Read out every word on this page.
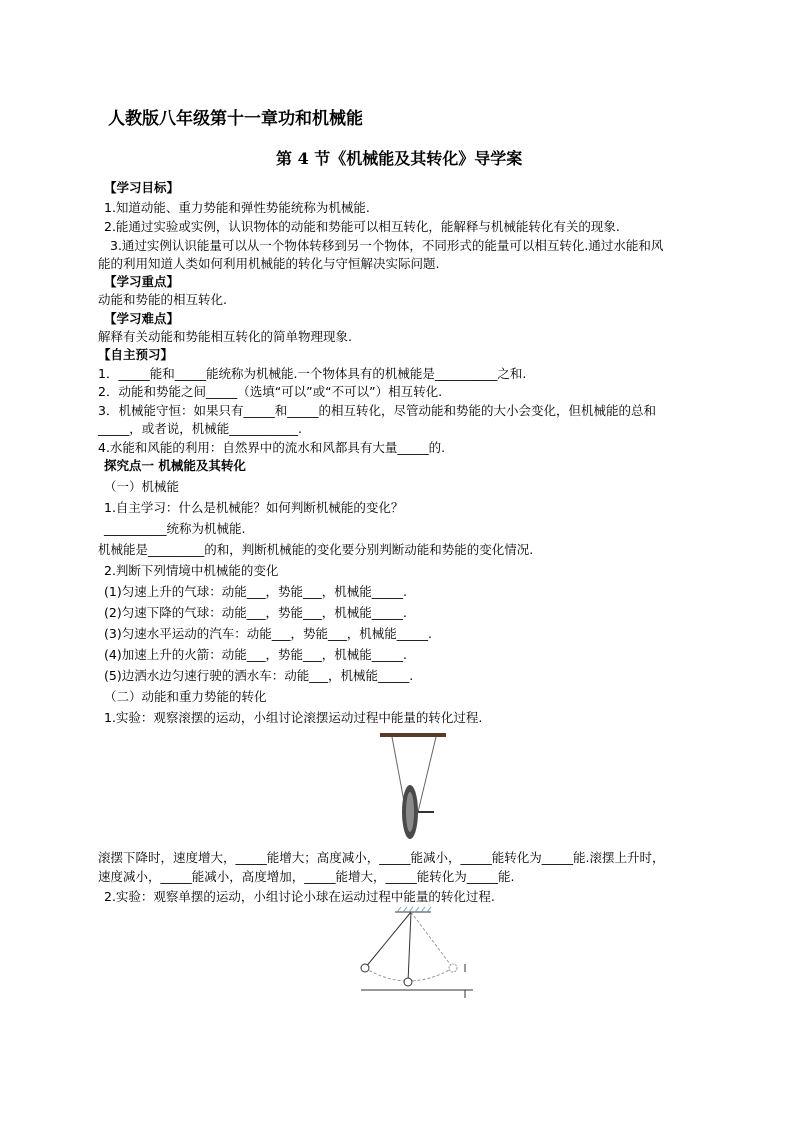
人教版八年级第十一章功和机械能
第 4 节《机械能及其转化》导学案
【学习目标】
1.知道动能、重力势能和弹性势能统称为机械能.
2.能通过实验或实例，认识物体的动能和势能可以相互转化，能解释与机械能转化有关的现象.
3.通过实例认识能量可以从一个物体转移到另一个物体，不同形式的能量可以相互转化.通过水能和风
能的利用知道人类如何利用机械能的转化与守恒解决实际问题.
【学习重点】
动能和势能的相互转化.
【学习难点】
解释有关动能和势能相互转化的简单物理现象.
【自主预习】
1．_____能和_____能统称为机械能.一个物体具有的机械能是__________之和.
2．动能和势能之间_____（选填“可以”或“不可以”）相互转化.
3．机械能守恒：如果只有_____和_____的相互转化，尽管动能和势能的大小会变化，但机械能的总和
_____，或者说，机械能___________.
4.水能和风能的利用：自然界中的流水和风都具有大量_____的.
探究点一 机械能及其转化
（一）机械能
1.自主学习：什么是机械能？如何判断机械能的变化？
__________统称为机械能.
机械能是_________的和，判断机械能的变化要分别判断动能和势能的变化情况.
2.判断下列情境中机械能的变化
(1)匀速上升的气球：动能___，势能___，机械能_____.
(2)匀速下降的气球：动能___，势能___，机械能_____.
(3)匀速水平运动的汽车：动能___，势能___，机械能_____.
(4)加速上升的火箭：动能___，势能___，机械能_____.
(5)边洒水边匀速行驶的洒水车：动能___，机械能_____.
（二）动能和重力势能的转化
1.实验：观察滚摆的运动，小组讨论滚摆运动过程中能量的转化过程.
滚摆下降时，速度增大，_____能增大；高度减小，_____能减小，_____能转化为_____能.滚摆上升时，
速度减小，_____能减小，高度增加，_____能增大，_____能转化为_____能.
2.实验：观察单摆的运动，小组讨论小球在运动过程中能量的转化过程.
